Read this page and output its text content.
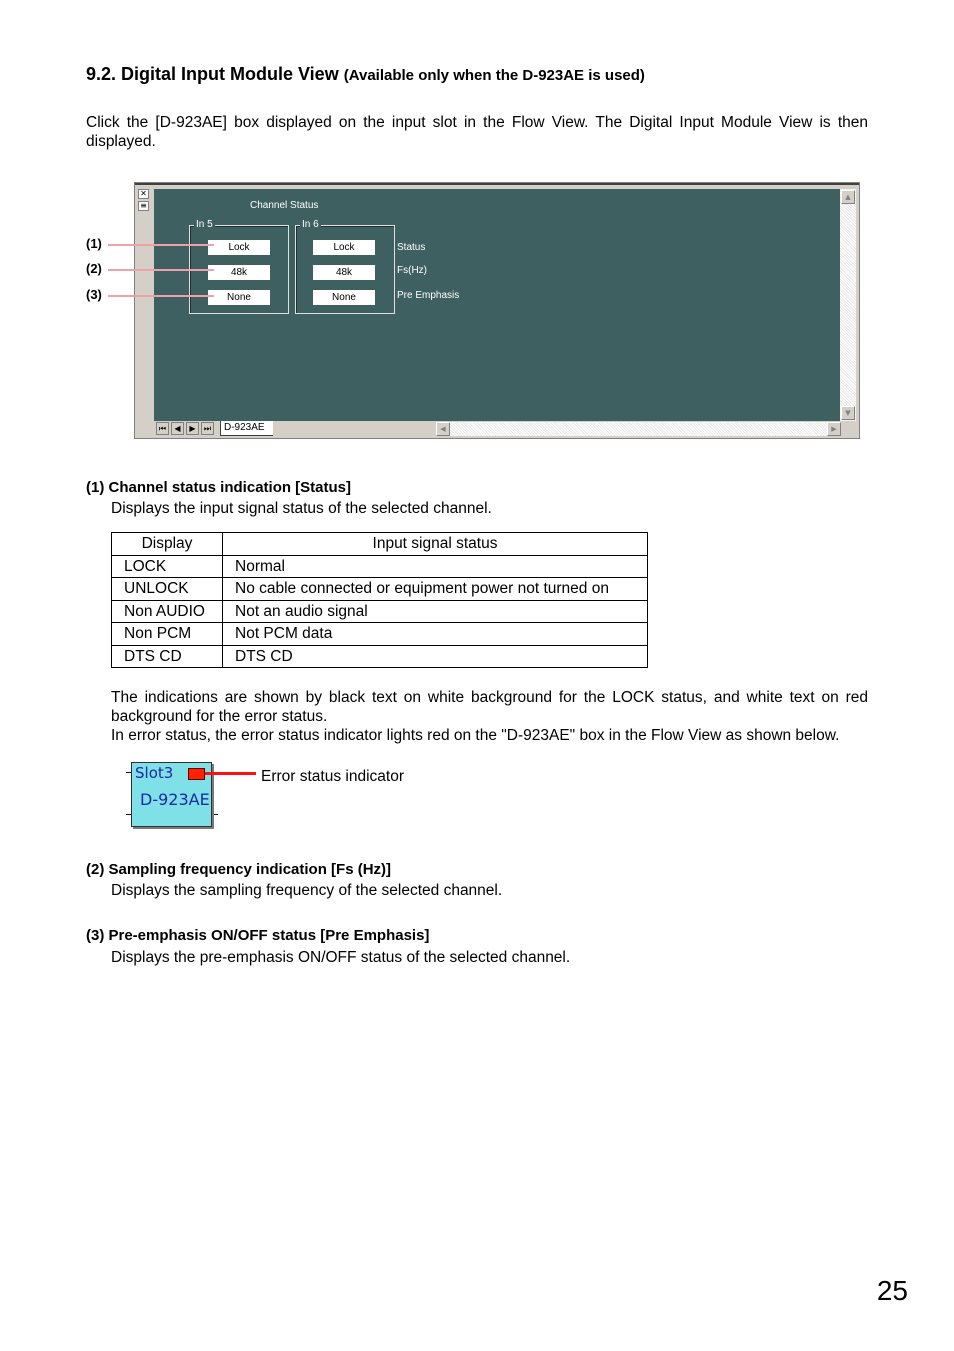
9.2. Digital Input Module View (Available only when the D-923AE is used)
Click the [D-923AE] box displayed on the input slot in the Flow View. The Digital Input Module View is then displayed.
✕
≡	Channel Status
In 5
Lock
48k
None
In 6
Lock
48k
None
Status
Fs(Hz)
Pre Emphasis
▲
▼
⏮	◀	▶	⏭	D-923AE	◀	▶
(1)
(2)
(3)
(1) Channel status indication [Status]
Displays the input signal status of the selected channel.
Display	Input signal status
LOCK	Normal
UNLOCK	No cable connected or equipment power not turned on
Non AUDIO	Not an audio signal
Non PCM	Not PCM data
DTS CD	DTS CD
The indications are shown by black text on white background for the LOCK status, and white text on red background for the error status.
In error status, the error status indicator lights red on the "D-923AE" box in the Flow View as shown below.
Slot3
D-923AE
Error status indicator
(2) Sampling frequency indication [Fs (Hz)]
Displays the sampling frequency of the selected channel.
(3) Pre-emphasis ON/OFF status [Pre Emphasis]
Displays the pre-emphasis ON/OFF status of the selected channel.
25
